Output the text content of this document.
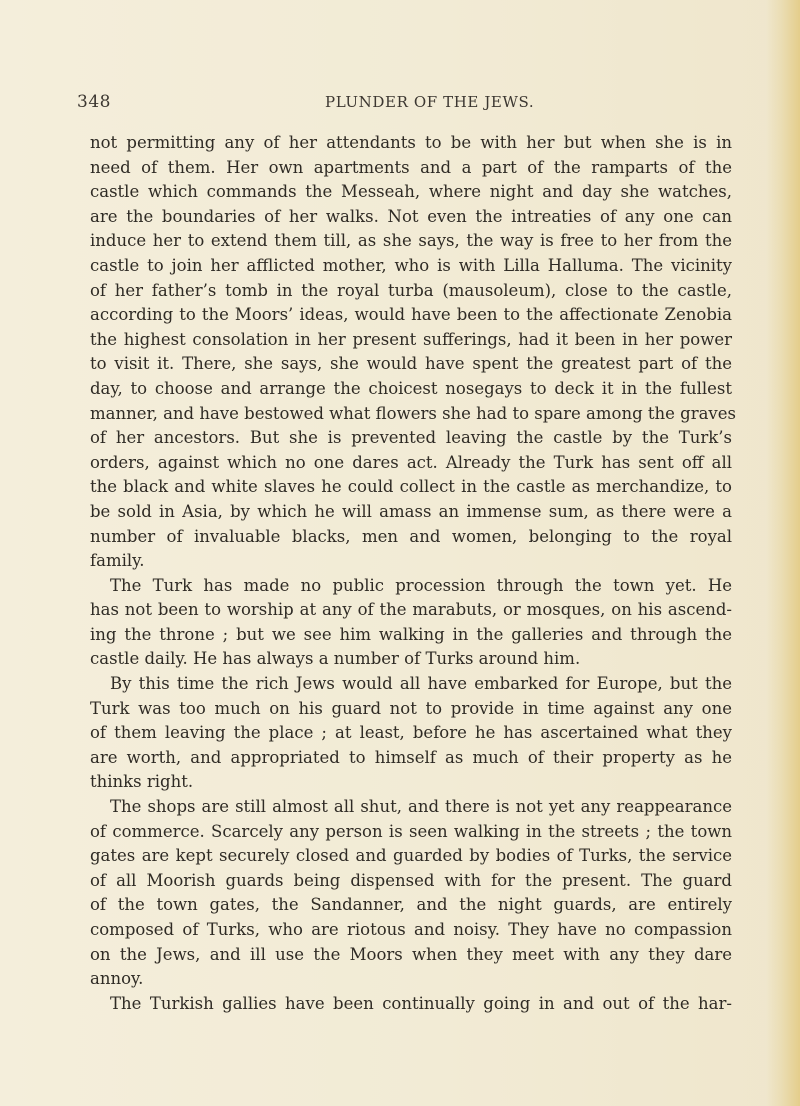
348	PLUNDER OF THE JEWS.
not permitting any of her attendants to be with her but when she is in
need of them. Her own apartments and a part of the ramparts of the
castle which commands the Messeah, where night and day she watches,
are the boundaries of her walks. Not even the intreaties of any one can
induce her to extend them till, as she says, the way is free to her from the
castle to join her afflicted mother, who is with Lilla Halluma. The vicinity
of her father’s tomb in the royal turba (mausoleum), close to the castle,
according to the Moors’ ideas, would have been to the affectionate Zenobia
the highest consolation in her present sufferings, had it been in her power
to visit it. There, she says, she would have spent the greatest part of the
day, to choose and arrange the choicest nosegays to deck it in the fullest
manner, and have bestowed what flowers she had to spare among the graves
of her ancestors. But she is prevented leaving the castle by the Turk’s
orders, against which no one dares act. Already the Turk has sent off all
the black and white slaves he could collect in the castle as merchandize, to
be sold in Asia, by which he will amass an immense sum, as there were a
number of invaluable blacks, men and women, belonging to the royal
family.
The Turk has made no public procession through the town yet. He
has not been to worship at any of the marabuts, or mosques, on his ascend-
ing the throne ; but we see him walking in the galleries and through the
castle daily. He has always a number of Turks around him.
By this time the rich Jews would all have embarked for Europe, but the
Turk was too much on his guard not to provide in time against any one
of them leaving the place ; at least, before he has ascertained what they
are worth, and appropriated to himself as much of their property as he
thinks right.
The shops are still almost all shut, and there is not yet any reappearance
of commerce. Scarcely any person is seen walking in the streets ; the town
gates are kept securely closed and guarded by bodies of Turks, the service
of all Moorish guards being dispensed with for the present. The guard
of the town gates, the Sandanner, and the night guards, are entirely
composed of Turks, who are riotous and noisy. They have no compassion
on the Jews, and ill use the Moors when they meet with any they dare
annoy.
The Turkish gallies have been continually going in and out of the har-
